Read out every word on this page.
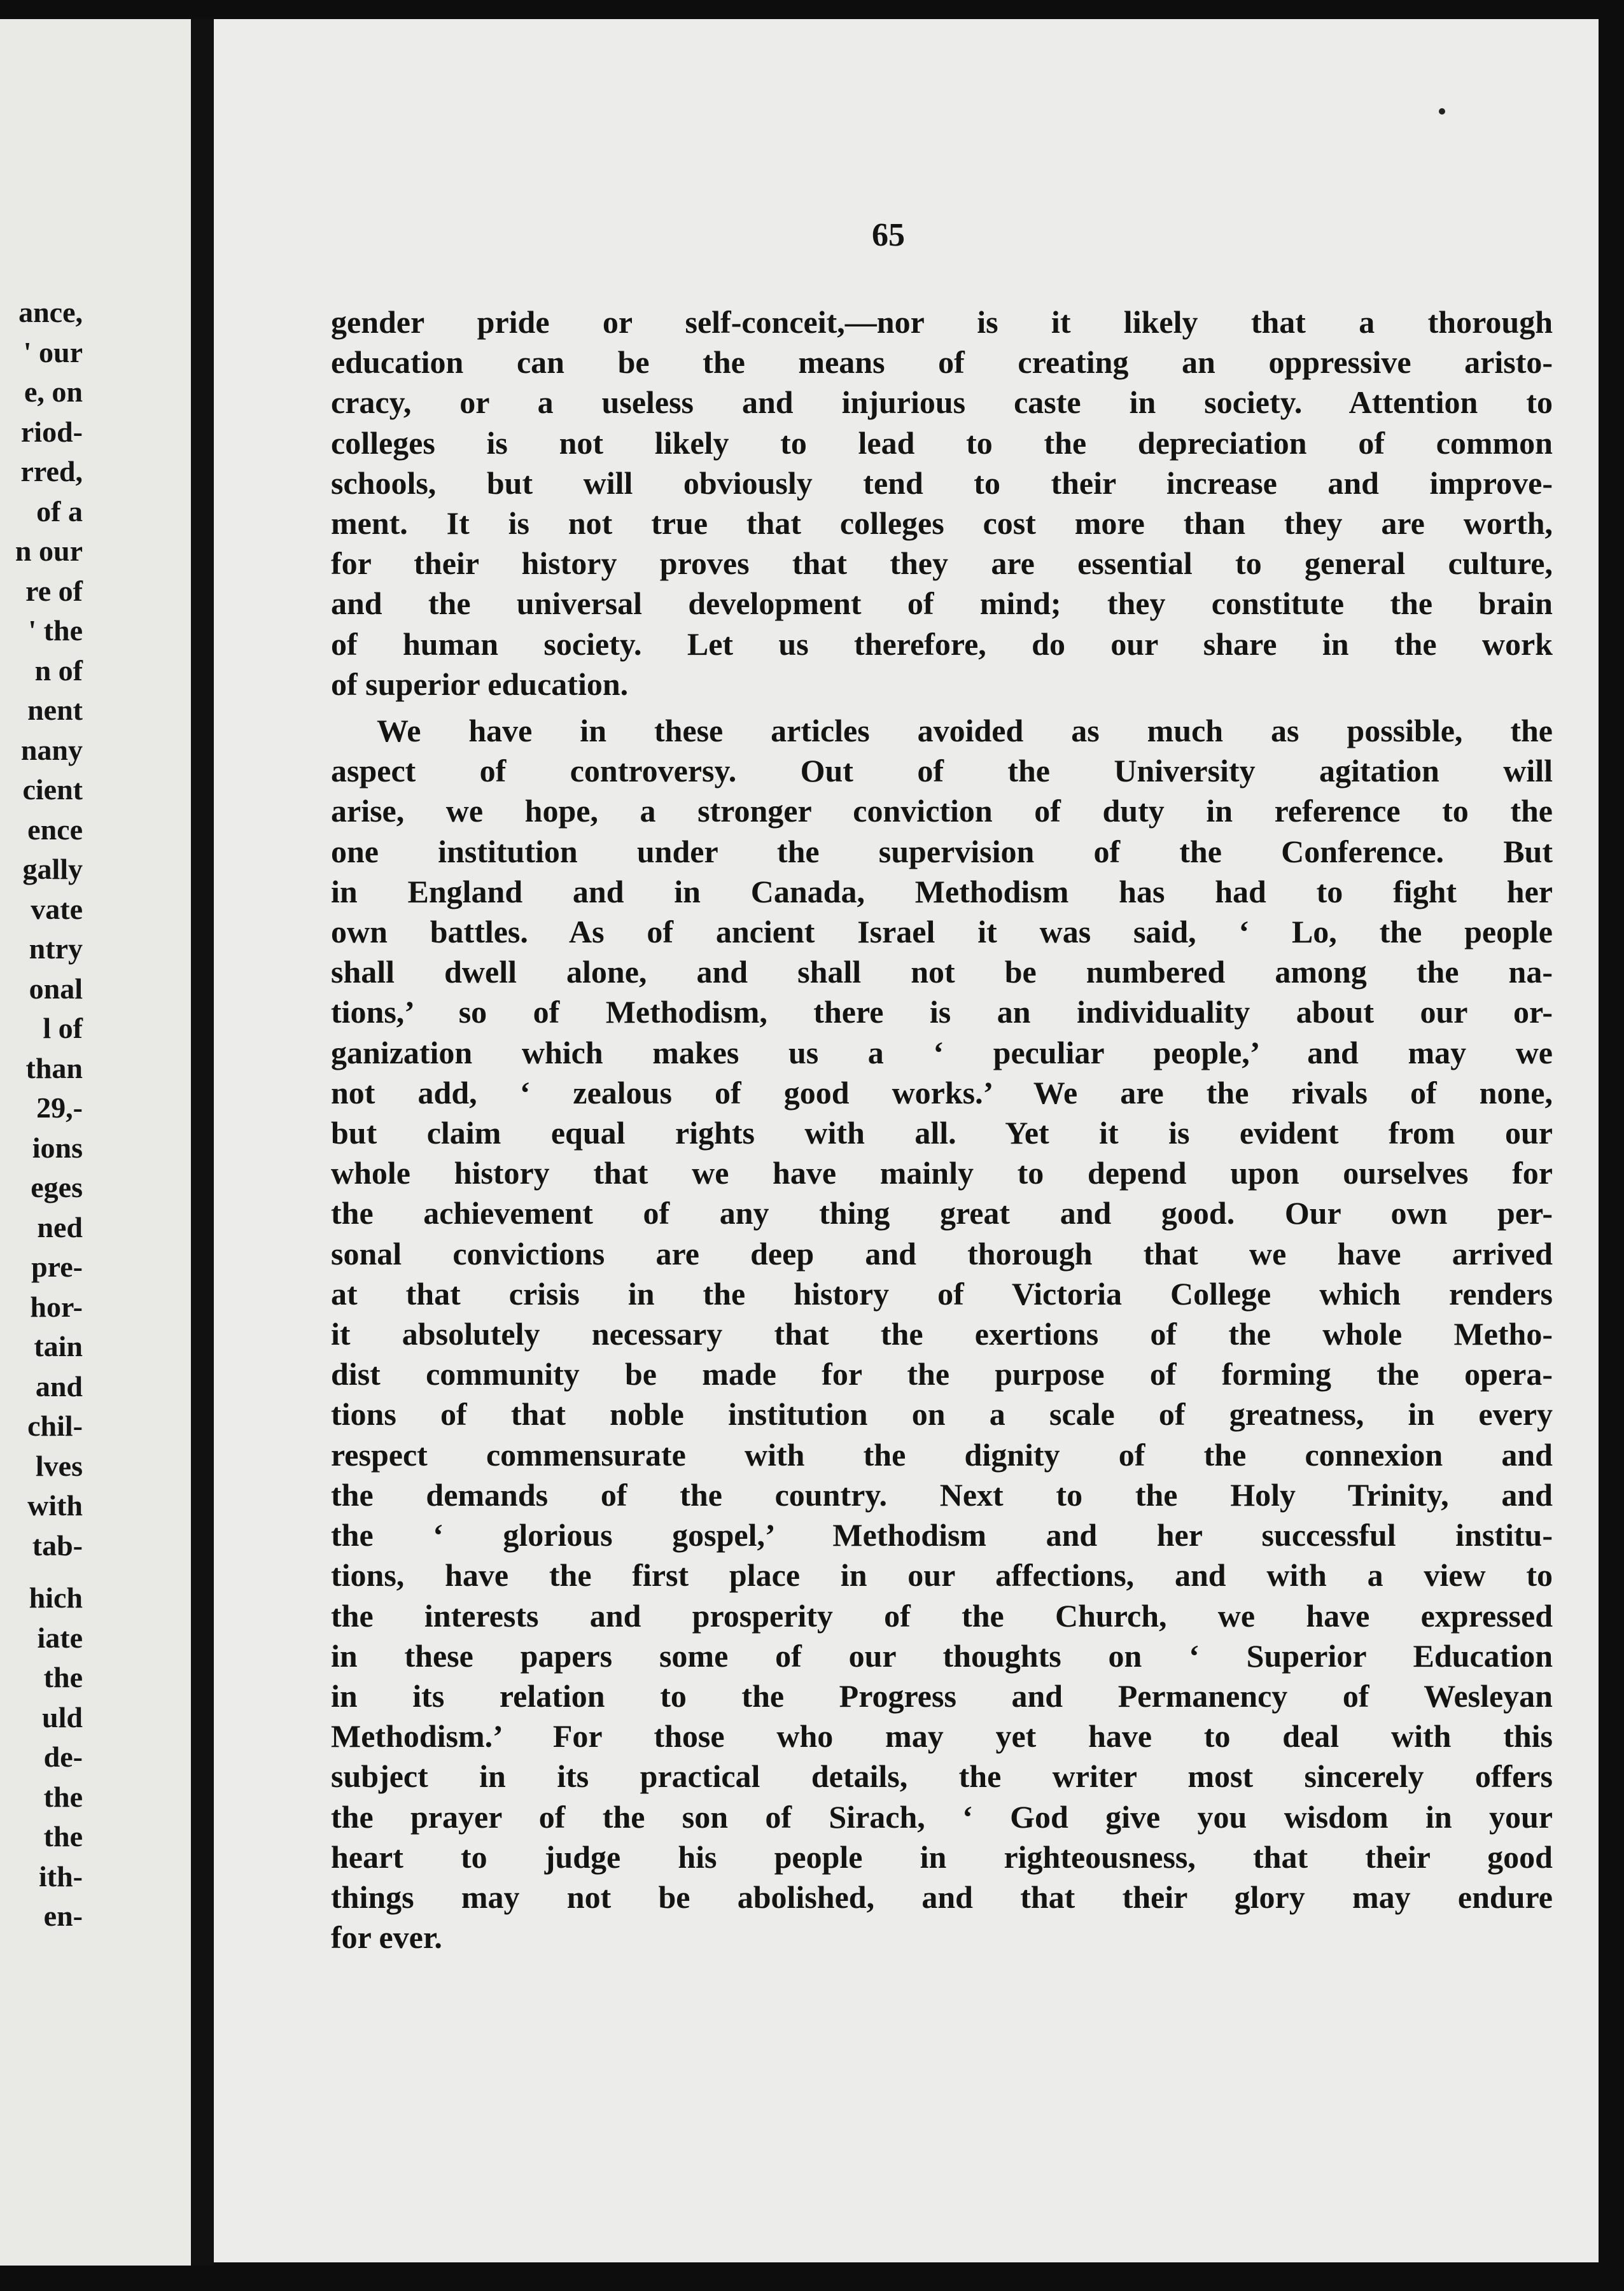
ance,
' our
e, on
riod-
rred,
of a
n our
re of
' the
n of
nent
nany
cient
ence
gally
vate
ntry
onal
l of
than
29,-
ions
eges
ned
pre-
hor-
tain
and
chil-
lves
with
tab-
hich
iate
the
uld
de-
the
the
ith-
en-
65
gender pride or self-conceit,—nor is it likely that a thorough
education can be the means of creating an oppressive aristo-
cracy, or a useless and injurious caste in society. Attention to
colleges is not likely to lead to the depreciation of common
schools, but will obviously tend to their increase and improve-
ment. It is not true that colleges cost more than they are worth,
for their history proves that they are essential to general culture,
and the universal development of mind; they constitute the brain
of human society. Let us therefore, do our share in the work
of superior education.
We have in these articles avoided as much as possible, the
aspect of controversy. Out of the University agitation will
arise, we hope, a stronger conviction of duty in reference to the
one institution under the supervision of the Conference. But
in England and in Canada, Methodism has had to fight her
own battles. As of ancient Israel it was said, ‘ Lo, the people
shall dwell alone, and shall not be numbered among the na-
tions,’ so of Methodism, there is an individuality about our or-
ganization which makes us a ‘ peculiar people,’ and may we
not add, ‘ zealous of good works.’ We are the rivals of none,
but claim equal rights with all. Yet it is evident from our
whole history that we have mainly to depend upon ourselves for
the achievement of any thing great and good. Our own per-
sonal convictions are deep and thorough that we have arrived
at that crisis in the history of Victoria College which renders
it absolutely necessary that the exertions of the whole Metho-
dist community be made for the purpose of forming the opera-
tions of that noble institution on a scale of greatness, in every
respect commensurate with the dignity of the connexion and
the demands of the country. Next to the Holy Trinity, and
the ‘ glorious gospel,’ Methodism and her successful institu-
tions, have the first place in our affections, and with a view to
the interests and prosperity of the Church, we have expressed
in these papers some of our thoughts on ‘ Superior Education
in its relation to the Progress and Permanency of Wesleyan
Methodism.’ For those who may yet have to deal with this
subject in its practical details, the writer most sincerely offers
the prayer of the son of Sirach, ‘ God give you wisdom in your
heart to judge his people in righteousness, that their good
things may not be abolished, and that their glory may endure
for ever.
